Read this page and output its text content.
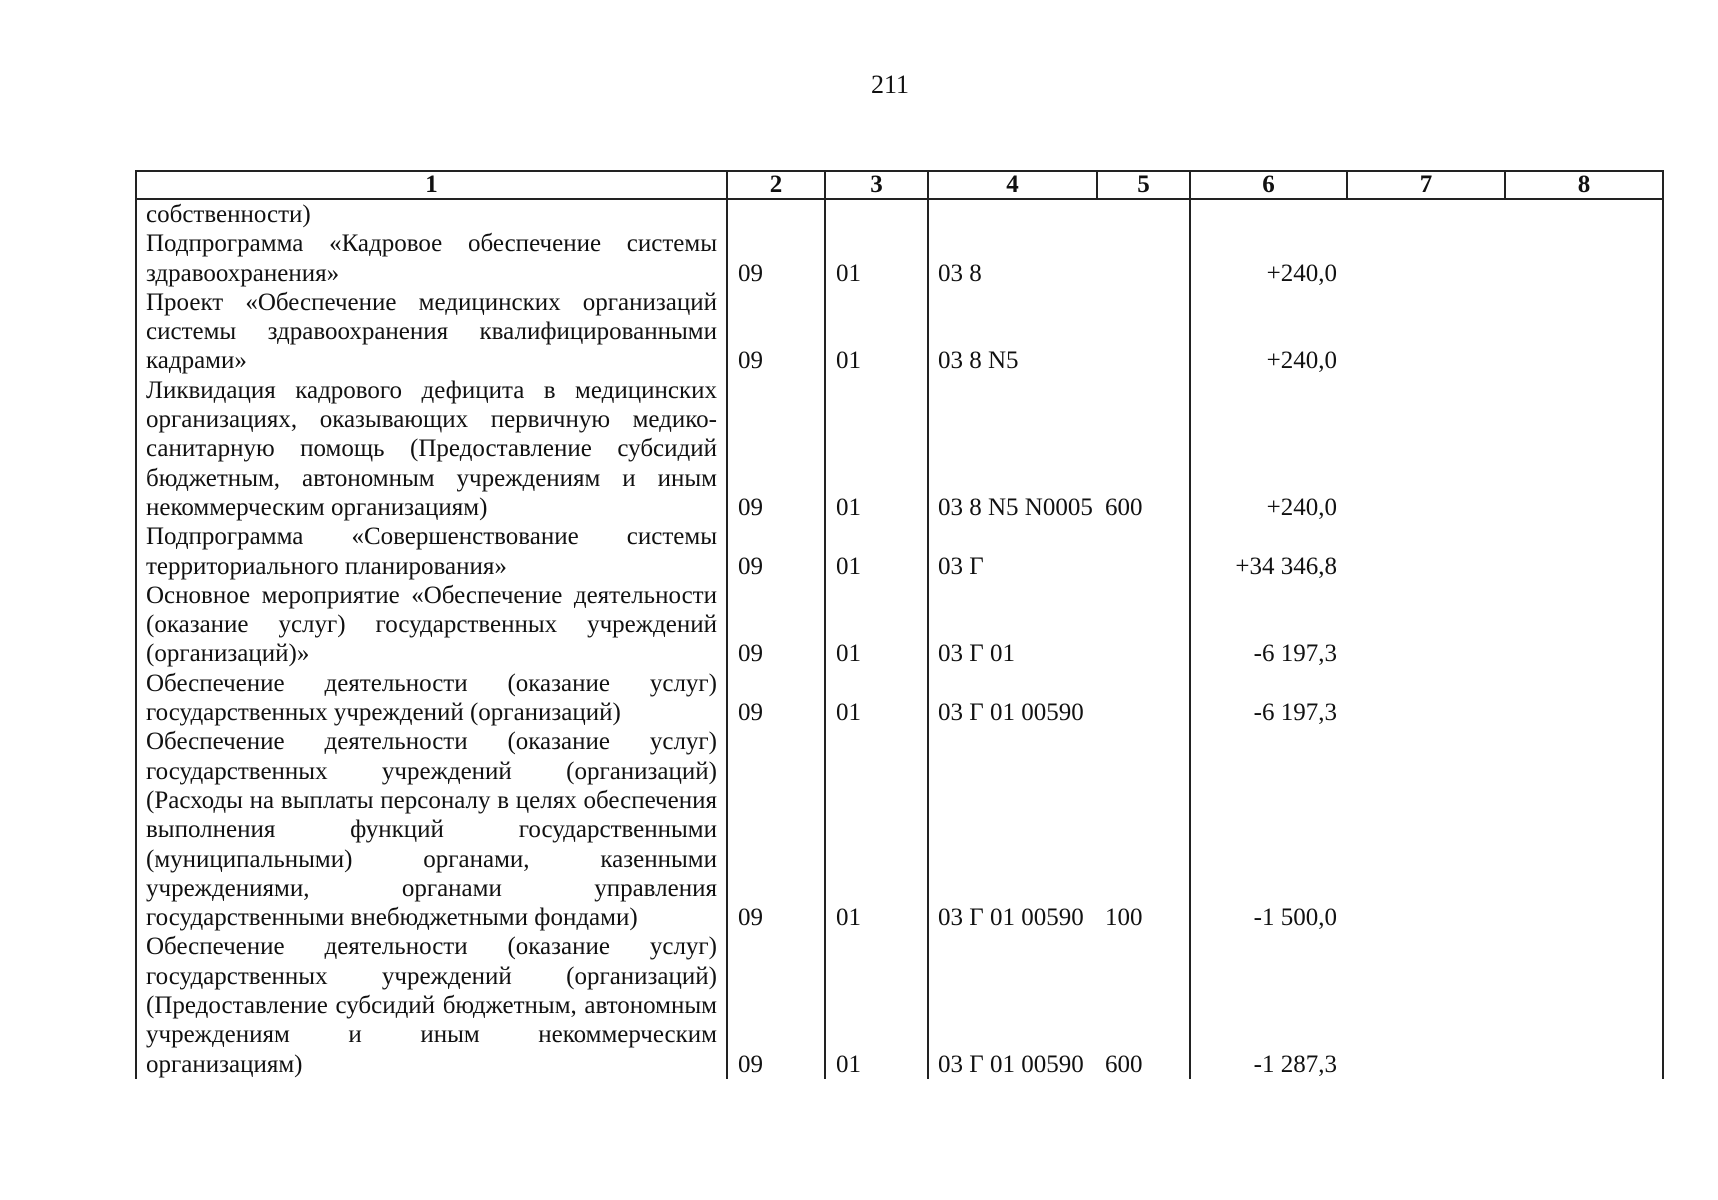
211
1	2	3	4	5	6	7	8
собственности)							
Подпрограмма «Кадровое обеспечение системы здравоохранения»	09	01	03 8		+240,0		
Проект «Обеспечение медицинских организаций системы здравоохранения квалифицированными кадрами»	09	01	03 8 N5		+240,0		
Ликвидация кадрового дефицита в медицинских организациях, оказывающих первичную медико-санитарную помощь (Предоставление субсидий бюджетным, автономным учреждениям и иным некоммерческим организациям)	09	01	03 8 N5 N0005	600	+240,0		
Подпрограмма «Совершенствование системы территориального планирования»	09	01	03 Г		+34 346,8		
Основное мероприятие «Обеспечение деятельности (оказание услуг) государственных учреждений (организаций)»	09	01	03 Г 01		-6 197,3		
Обеспечение деятельности (оказание услуг) государственных учреждений (организаций)	09	01	03 Г 01 00590		-6 197,3		
Обеспечение деятельности (оказание услуг) государственных учреждений (организаций) (Расходы на выплаты персоналу в целях обеспечения выполнения функций государственными (муниципальными) органами, казенными учреждениями, органами управления государственными внебюджетными фондами)	09	01	03 Г 01 00590	100	-1 500,0		
Обеспечение деятельности (оказание услуг) государственных учреждений (организаций) (Предоставление субсидий бюджетным, автономным учреждениям и иным некоммерческим организациям)	09	01	03 Г 01 00590	600	-1 287,3		
